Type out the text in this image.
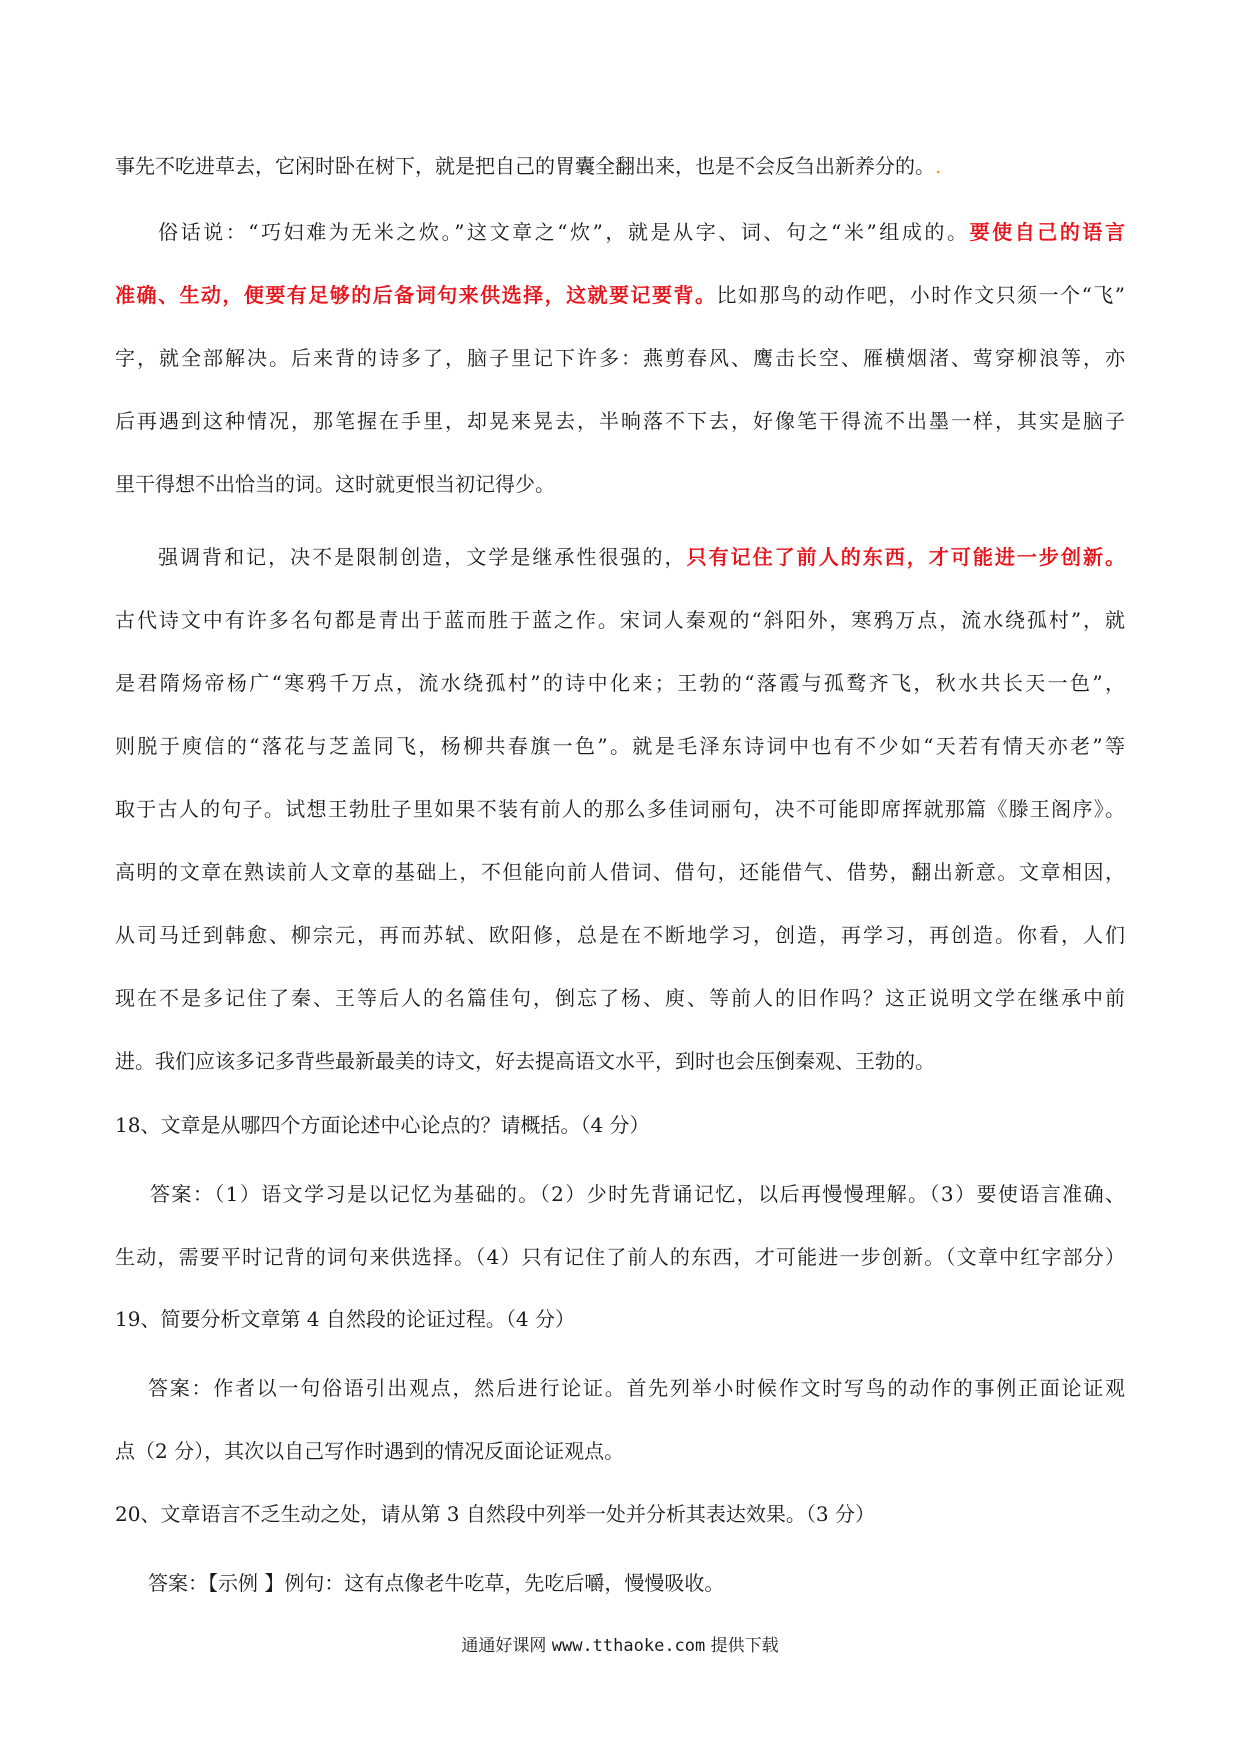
事先不吃进草去，它闲时卧在树下，就是把自己的胃囊全翻出来，也是不会反刍出新养分的。.
俗话说：“巧妇难为无米之炊。”这文章之“炊”，就是从字、词、句之“米”组成的。要使自己的语言
准确、生动，便要有足够的后备词句来供选择，这就要记要背。比如那鸟的动作吧，小时作文只须一个“飞”
字，就全部解决。后来背的诗多了，脑子里记下许多：燕剪春风、鹰击长空、雁横烟渚、莺穿柳浪等，亦
后再遇到这种情况，那笔握在手里，却晃来晃去，半晌落不下去，好像笔干得流不出墨一样，其实是脑子
里干得想不出恰当的词。这时就更恨当初记得少。
强调背和记，决不是限制创造，文学是继承性很强的，只有记住了前人的东西，才可能进一步创新。
古代诗文中有许多名句都是青出于蓝而胜于蓝之作。宋词人秦观的“斜阳外，寒鸦万点，流水绕孤村”，就
是君隋炀帝杨广“寒鸦千万点，流水绕孤村”的诗中化来；王勃的“落霞与孤鹜齐飞，秋水共长天一色”，
则脱于庾信的“落花与芝盖同飞，杨柳共春旗一色”。就是毛泽东诗词中也有不少如“天若有情天亦老”等
取于古人的句子。试想王勃肚子里如果不装有前人的那么多佳词丽句，决不可能即席挥就那篇《滕王阁序》。
高明的文章在熟读前人文章的基础上，不但能向前人借词、借句，还能借气、借势，翻出新意。文章相因，
从司马迁到韩愈、柳宗元，再而苏轼、欧阳修，总是在不断地学习，创造，再学习，再创造。你看，人们
现在不是多记住了秦、王等后人的名篇佳句，倒忘了杨、庾、等前人的旧作吗？这正说明文学在继承中前
进。我们应该多记多背些最新最美的诗文，好去提高语文水平，到时也会压倒秦观、王勃的。
18、文章是从哪四个方面论述中心论点的？请概括。（4 分）
答案：（1）语文学习是以记忆为基础的。（2）少时先背诵记忆，以后再慢慢理解。（3）要使语言准确、
生动，需要平时记背的词句来供选择。（4）只有记住了前人的东西，才可能进一步创新。（文章中红字部分）
19、简要分析文章第 4 自然段的论证过程。（4 分）
答案：作者以一句俗语引出观点，然后进行论证。首先列举小时候作文时写鸟的动作的事例正面论证观
点（2 分），其次以自己写作时遇到的情况反面论证观点。
20、文章语言不乏生动之处，请从第 3 自然段中列举一处并分析其表达效果。（3 分）
答案：【示例 】例句：这有点像老牛吃草，先吃后嚼，慢慢吸收。
通通好课网 www.tthaoke.com 提供下载
